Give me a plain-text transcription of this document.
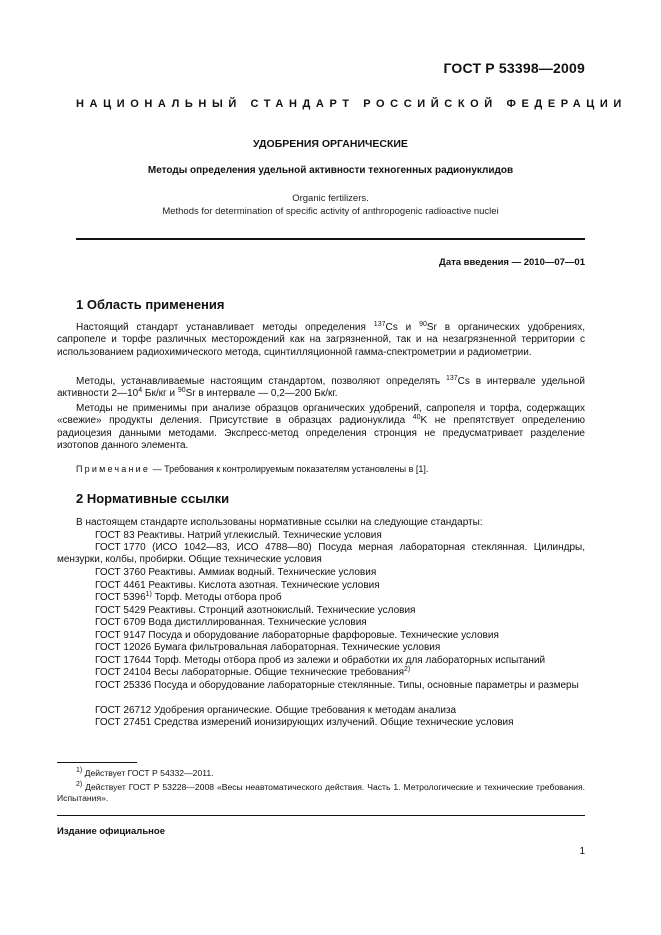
ГОСТ Р 53398—2009
НАЦИОНАЛЬНЫЙ СТАНДАРТ РОССИЙСКОЙ ФЕДЕРАЦИИ
УДОБРЕНИЯ ОРГАНИЧЕСКИЕ
Методы определения удельной активности техногенных радионуклидов
Organic fertilizers.
Methods for determination of specific activity of anthropogenic radioactive nuclei
Дата введения — 2010—07—01
1 Область применения

Настоящий стандарт устанавливает методы определения $^{137}$Cs и $^{90}$Sr в органических удобрениях, сапропеле и торфе различных месторождений как на загрязненной, так и на незагрязненной территории с использованием радиохимического метода, сцинтилляционной гамма-спектрометрии и радиометрии.

Методы, устанавливаемые настоящим стандартом, позволяют определять $^{137}$Cs в интервале удельной активности $2—10^4$ Бк/кг и $^{90}$Sr в интервале — 0,2—200 Бк/кг.

Методы не применимы при анализе образцов органических удобрений, сапропеля и торфа, содержащих «свежие» продукты деления. Присутствие в образцах радионуклида $^{40}$K не препятствует определению радиоцезия данными методами. Экспресс-метод определения стронция не предусматривает разделение изотопов данного элемента.

Примечание — Требования к контролируемым показателям установлены в [1].
2 Нормативные ссылки

В настоящем стандарте использованы нормативные ссылки на следующие стандарты:

ГОСТ 83 Реактивы. Натрий углекислый. Технические условия

ГОСТ 1770 (ИСО 1042—83, ИСО 4788—80) Посуда мерная лабораторная стеклянная. Цилиндры, мензурки, колбы, пробирки. Общие технические условия

ГОСТ 3760 Реактивы. Аммиак водный. Технические условия

ГОСТ 4461 Реактивы. Кислота азотная. Технические условия

ГОСТ 5396$^{1)}$ Торф. Методы отбора проб

ГОСТ 5429 Реактивы. Стронций азотнокислый. Технические условия

ГОСТ 6709 Вода дистиллированная. Технические условия

ГОСТ 9147 Посуда и оборудование лабораторные фарфоровые. Технические условия

ГОСТ 12026 Бумага фильтровальная лабораторная. Технические условия

ГОСТ 17644 Торф. Методы отбора проб из залежи и обработки их для лабораторных испытаний

ГОСТ 24104 Весы лабораторные. Общие технические требования$^{2)}$

ГОСТ 25336 Посуда и оборудование лабораторные стеклянные. Типы, основные параметры и размеры

ГОСТ 26712 Удобрения органические. Общие требования к методам анализа

ГОСТ 27451 Средства измерений ионизирующих излучений. Общие технические условия

$^{1)}$ Действует ГОСТ Р 54332—2011.

$^{2)}$ Действует ГОСТ Р 53228—2008 «Весы неавтоматического действия. Часть 1. Метрологические и технические требования. Испытания».

Издание официальное
1
